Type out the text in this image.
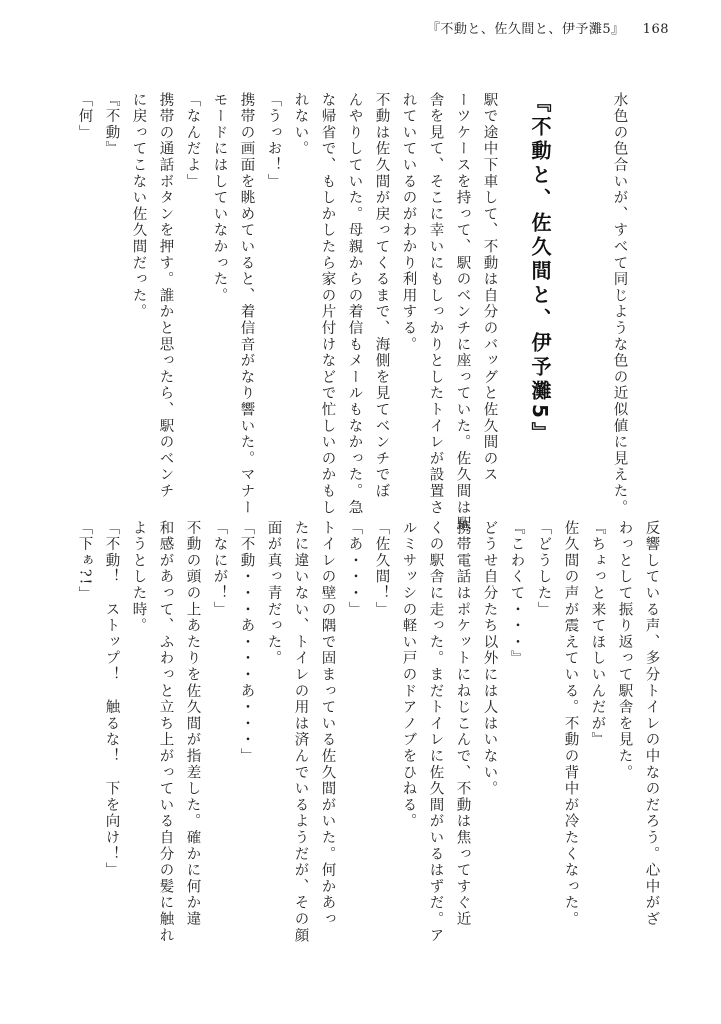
『不動と、佐久間と、伊予灘5』 168
『不動と、佐久間と、伊予灘5』	水色の色合いが、すべて同じような色の近似値に見えた。
駅で途中下車して、不動は自分のバッグと佐久間のス
ーツケースを持って、駅のベンチに座っていた。佐久間は駅
舎を見て、そこに幸いにもしっかりとしたトイレが設置さ
れていているのがわかり利用する。
不動は佐久間が戻ってくるまで、海側を見てベンチでぼ
んやりしていた。母親からの着信もメールもなかった。急
な帰省で、もしかしたら家の片付けなどで忙しいのかもし
れない。
「うっお！」
携帯の画面を眺めていると、着信音がなり響いた。マナー
モードにはしていなかった。
「なんだよ」
携帯の通話ボタンを押す。誰かと思ったら、駅のベンチ
に戻ってこない佐久間だった。
『不動』
「何」
反響している声、多分トイレの中なのだろう。心中がざ
わっとして振り返って駅舎を見た。
『ちょっと来てほしいんだが』
佐久間の声が震えている。不動の背中が冷たくなった。
「どうした」
『こわくて・・・』
どうせ自分たち以外には人はいない。
携帯電話はポケットにねじこんで、不動は焦ってすぐ近
くの駅舎に走った。まだトイレに佐久間がいるはずだ。ア
ルミサッシの軽い戸のドアノブをひねる。
「佐久間！」
「あ・・・」
トイレの壁の隅で固まっている佐久間がいた。何かあっ
たに違いない、トイレの用は済んでいるようだが、その顔
面が真っ青だった。
「不動・・・あ・・・あ・・・」
「なにが！」
不動の頭の上あたりを佐久間が指差した。確かに何か違
和感があって、ふわっと立ち上がっている自分の髪に触れ
ようとした時。
「不動！　ストップ！　触るな！　下を向け！」
「下ぁ?!」
